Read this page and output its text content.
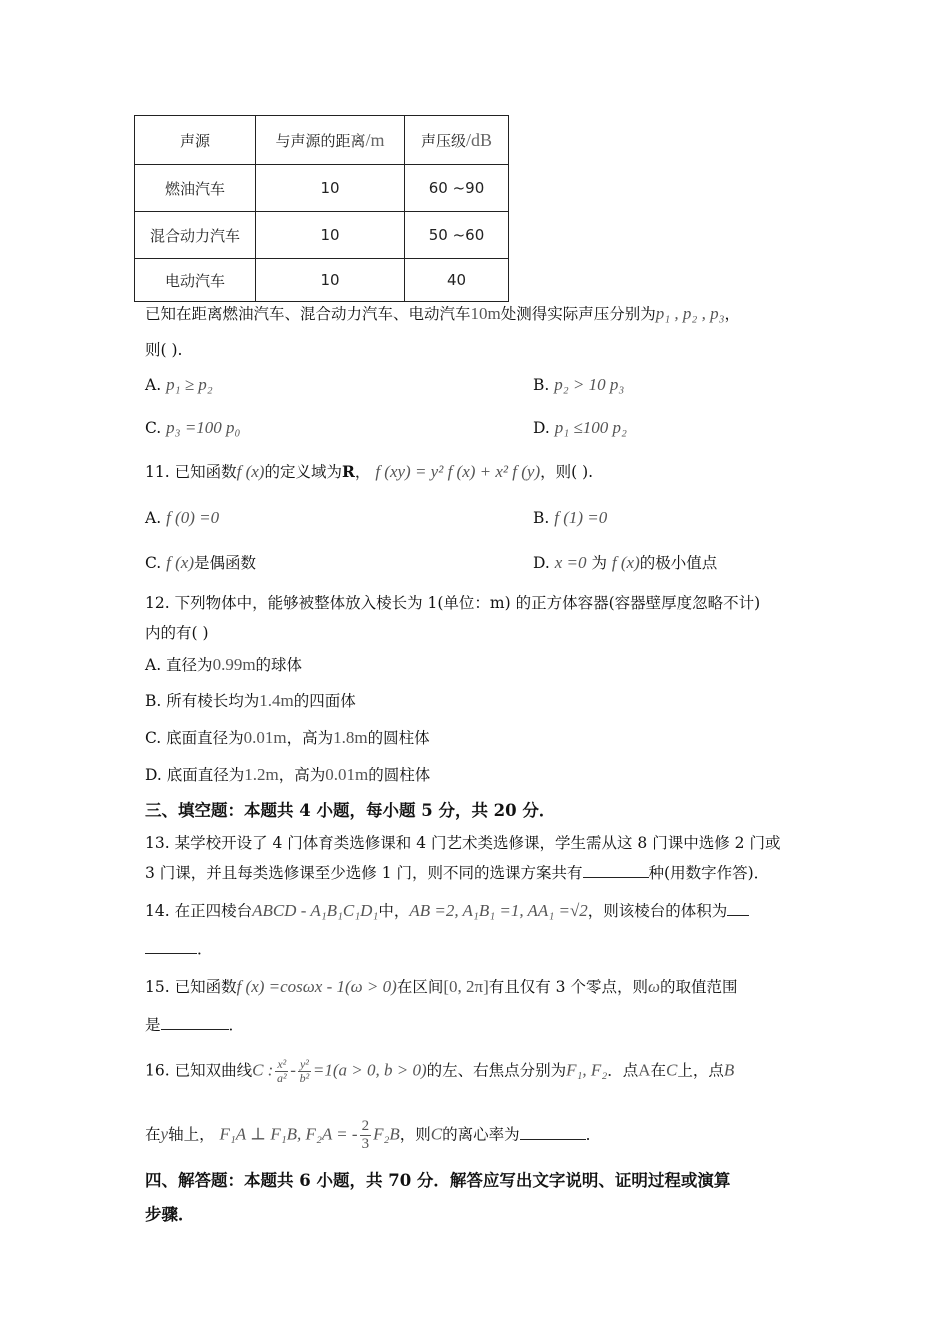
声源	与声源的距离/m	声压级/dB
燃油汽车	10	60 ~90
混合动力汽车	10	50 ~60
电动汽车	10	40
已知在距离燃油汽车、混合动力汽车、电动汽车10m处测得实际声压分别为p₁ , p₂ , p₃，
则( ).
A. p₁ ≥ p₂	B. p₂ > 10 p₃
C. p₃ =100 p₀	D. p₁ ≤100 p₂
11. 已知函数f (x)的定义域为R， f (xy) = y² f (x) + x² f (y)，则( ).
A. f (0) =0	B. f (1) =0
C. f (x)是偶函数	D. x =0 为 f (x)的极小值点
12. 下列物体中，能够被整体放入棱长为 1(单位：m) 的正方体容器(容器壁厚度忽略不计)
内的有( )
A. 直径为0.99m的球体
B. 所有棱长均为1.4m的四面体
C. 底面直径为0.01m，高为1.8m的圆柱体
D. 底面直径为1.2m，高为0.01m的圆柱体
三、填空题：本题共 4 小题，每小题 5 分，共 20 分．
13. 某学校开设了 4 门体育类选修课和 4 门艺术类选修课，学生需从这 8 门课中选修 2 门或
3 门课，并且每类选修课至少选修 1 门，则不同的选课方案共有	种(用数字作答)．
14. 在正四棱台ABCD - A₁B₁C₁D₁中，AB =2, A₁B₁ =1, AA₁ =√2，则该棱台的体积为
．
15. 已知函数f (x) =cosωx - 1(ω > 0)在区间[0, 2π]有且仅有 3 个零点，则ω的取值范围
是	．
16. 已知双曲线C : $\frac{\text{x²}}{\text{a²}} - \frac{\text{y²}}{\text{b²}} =1(a > 0$, b > 0)的左、右焦点分别为F₁, F₂．点A在C上，点B
在y轴上， F₁A ⊥ F₁B, F₂A = - $\frac{2}{3} F_2B$，则C的离心率为	．
四、解答题：本题共 6 小题，共 70 分．解答应写出文字说明、证明过程或演算
步骤．
